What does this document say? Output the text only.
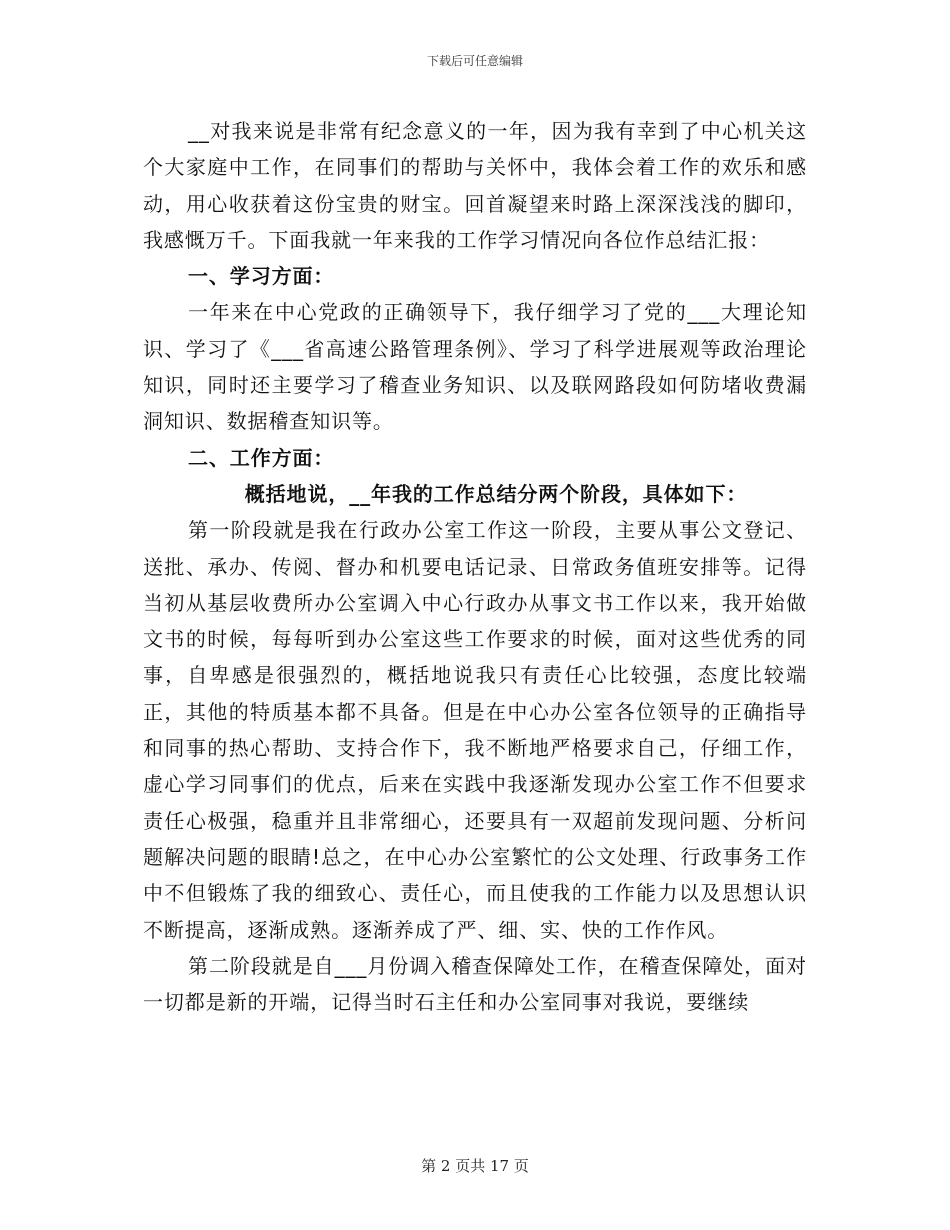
下载后可任意编辑

__对我来说是非常有纪念意义的一年，因为我有幸到了中心机关这个大家庭中工作，在同事们的帮助与关怀中，我体会着工作的欢乐和感动，用心收获着这份宝贵的财宝。回首凝望来时路上深深浅浅的脚印，我感慨万千。下面我就一年来我的工作学习情况向各位作总结汇报：

一、学习方面：

一年来在中心党政的正确领导下，我仔细学习了党的___大理论知识、学习了《___省高速公路管理条例》、学习了科学进展观等政治理论知识，同时还主要学习了稽查业务知识、以及联网路段如何防堵收费漏洞知识、数据稽查知识等。

二、工作方面：

概括地说，__年我的工作总结分两个阶段，具体如下：

第一阶段就是我在行政办公室工作这一阶段，主要从事公文登记、送批、承办、传阅、督办和机要电话记录、日常政务值班安排等。记得当初从基层收费所办公室调入中心行政办从事文书工作以来，我开始做文书的时候，每每听到办公室这些工作要求的时候，面对这些优秀的同事，自卑感是很强烈的，概括地说我只有责任心比较强，态度比较端正，其他的特质基本都不具备。但是在中心办公室各位领导的正确指导和同事的热心帮助、支持合作下，我不断地严格要求自己，仔细工作，虚心学习同事们的优点，后来在实践中我逐渐发现办公室工作不但要求责任心极强，稳重并且非常细心，还要具有一双超前发现问题、分析问题解决问题的眼睛!总之，在中心办公室繁忙的公文处理、行政事务工作中不但锻炼了我的细致心、责任心，而且使我的工作能力以及思想认识不断提高，逐渐成熟。逐渐养成了严、细、实、快的工作作风。

第二阶段就是自___月份调入稽查保障处工作，在稽查保障处，面对一切都是新的开端，记得当时石主任和办公室同事对我说，要继续

第 2 页共 17 页
